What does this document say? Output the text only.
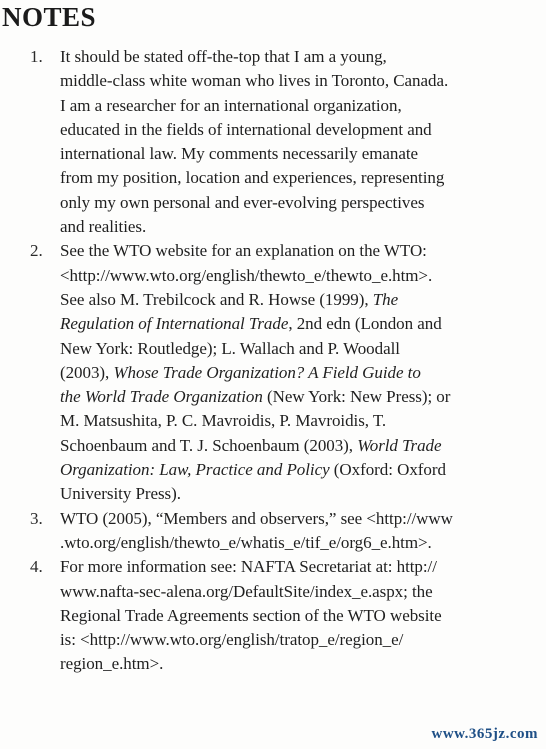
NOTES
1.	It should be stated off-the-top that I am a young,
middle-class white woman who lives in Toronto, Canada.
I am a researcher for an international organization,
educated in the fields of international development and
international law. My comments necessarily emanate
from my position, location and experiences, representing
only my own personal and ever-evolving perspectives
and realities.
2.	See the WTO website for an explanation on the WTO:
<http://www.wto.org/english/thewto_e/thewto_e.htm>.
See also M. Trebilcock and R. Howse (1999), The
Regulation of International Trade, 2nd edn (London and
New York: Routledge); L. Wallach and P. Woodall
(2003), Whose Trade Organization? A Field Guide to
the World Trade Organization (New York: New Press); or
M. Matsushita, P. C. Mavroidis, P. Mavroidis, T.
Schoenbaum and T. J. Schoenbaum (2003), World Trade
Organization: Law, Practice and Policy (Oxford: Oxford
University Press).
3.	WTO (2005), “Members and observers,” see <http://www
.wto.org/english/thewto_e/whatis_e/tif_e/org6_e.htm>.
4.	For more information see: NAFTA Secretariat at: http://
www.nafta-sec-alena.org/DefaultSite/index_e.aspx; the
Regional Trade Agreements section of the WTO website
is: <http://www.wto.org/english/tratop_e/region_e/
region_e.htm>.
www.365jz.com
